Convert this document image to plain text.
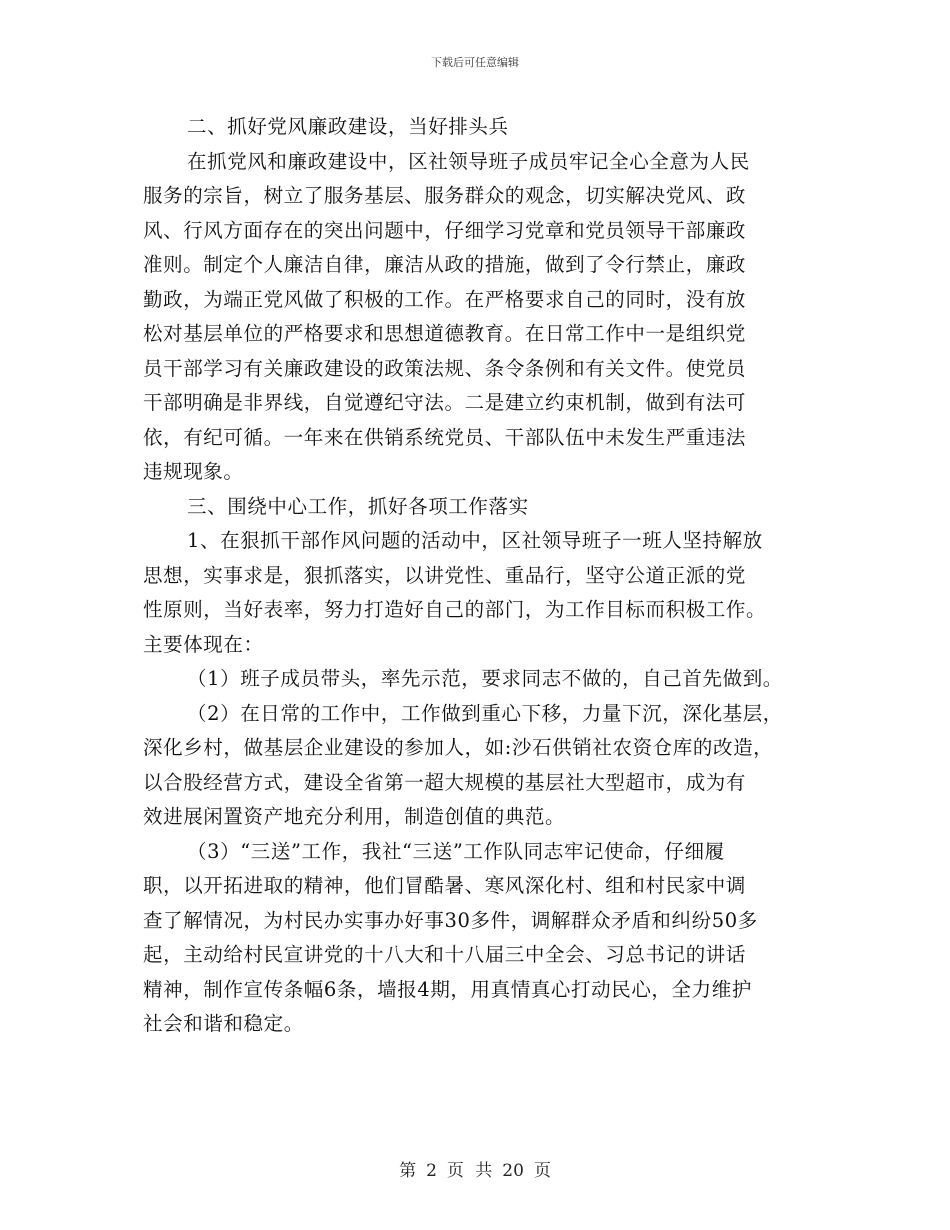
下载后可任意编辑
二、抓好党风廉政建设，当好排头兵
在抓党风和廉政建设中，区社领导班子成员牢记全心全意为人民
服务的宗旨，树立了服务基层、服务群众的观念，切实解决党风、政
风、行风方面存在的突出问题中，仔细学习党章和党员领导干部廉政
准则。制定个人廉洁自律，廉洁从政的措施，做到了令行禁止，廉政
勤政，为端正党风做了积极的工作。在严格要求自己的同时，没有放
松对基层单位的严格要求和思想道德教育。在日常工作中一是组织党
员干部学习有关廉政建设的政策法规、条令条例和有关文件。使党员
干部明确是非界线，自觉遵纪守法。二是建立约束机制，做到有法可
依，有纪可循。一年来在供销系统党员、干部队伍中未发生严重违法
违规现象。
三、围绕中心工作，抓好各项工作落实
1、在狠抓干部作风问题的活动中，区社领导班子一班人坚持解放
思想，实事求是，狠抓落实，以讲党性、重品行，坚守公道正派的党
性原则，当好表率，努力打造好自己的部门，为工作目标而积极工作。
主要体现在：
（1）班子成员带头，率先示范，要求同志不做的，自己首先做到。
（2）在日常的工作中，工作做到重心下移，力量下沉，深化基层，
深化乡村，做基层企业建设的参加人，如:沙石供销社农资仓库的改造，
以合股经营方式，建设全省第一超大规模的基层社大型超市，成为有
效进展闲置资产地充分利用，制造创值的典范。
（3）“三送”工作，我社“三送”工作队同志牢记使命，仔细履
职，以开拓进取的精神，他们冒酷暑、寒风深化村、组和村民家中调
查了解情况，为村民办实事办好事30多件，调解群众矛盾和纠纷50多
起，主动给村民宣讲党的十八大和十八届三中全会、习总书记的讲话
精神，制作宣传条幅6条，墙报4期，用真情真心打动民心，全力维护
社会和谐和稳定。
第 2 页 共 20 页
